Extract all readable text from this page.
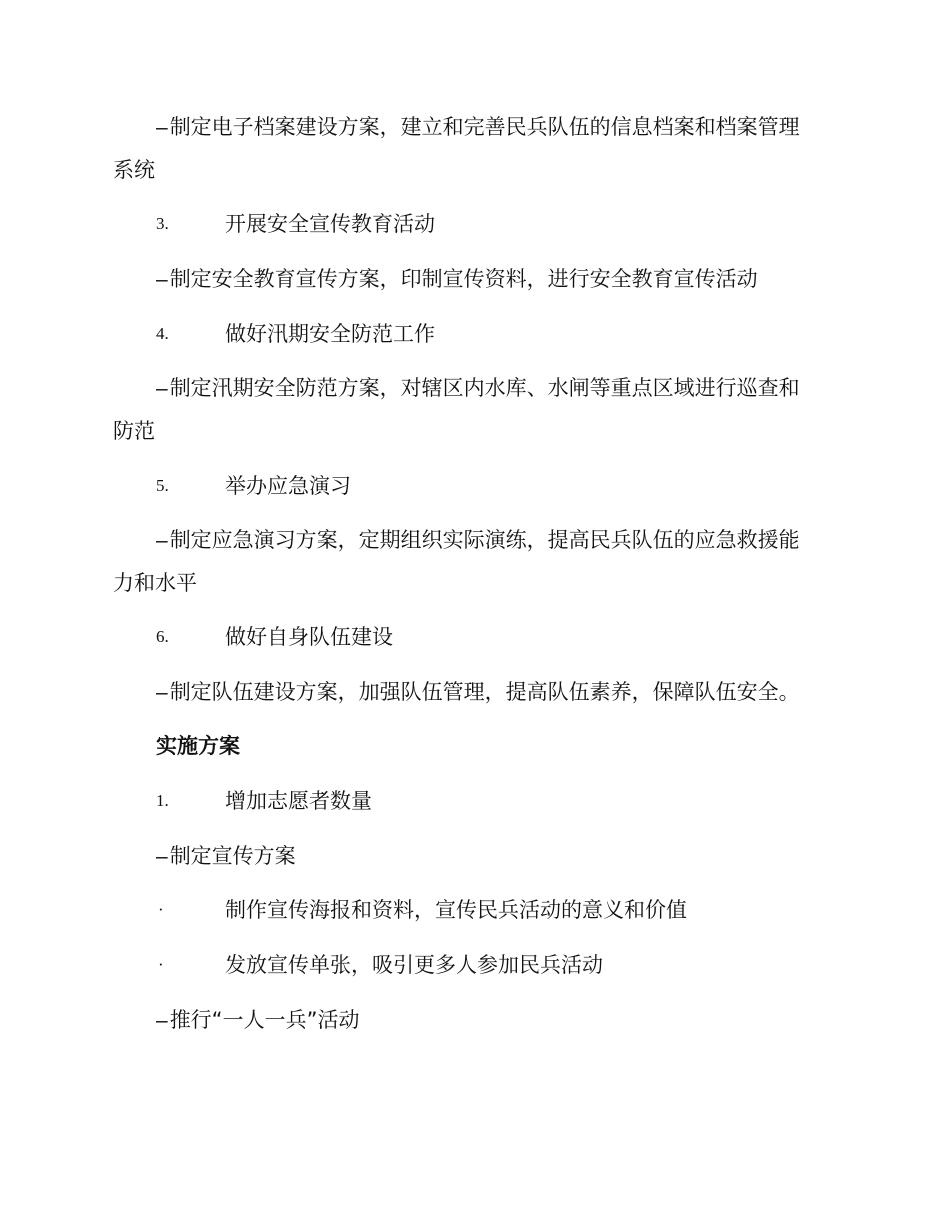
–制定电子档案建设方案，建立和完善民兵队伍的信息档案和档案管理
系统
3.	开展安全宣传教育活动
–制定安全教育宣传方案，印制宣传资料，进行安全教育宣传活动
4.	做好汛期安全防范工作
–制定汛期安全防范方案，对辖区内水库、水闸等重点区域进行巡查和
防范
5.	举办应急演习
–制定应急演习方案，定期组织实际演练，提高民兵队伍的应急救援能
力和水平
6.	做好自身队伍建设
–制定队伍建设方案，加强队伍管理，提高队伍素养，保障队伍安全。
实施方案
1.	增加志愿者数量
–制定宣传方案
·	制作宣传海报和资料，宣传民兵活动的意义和价值
·	发放宣传单张，吸引更多人参加民兵活动
–推行“一人一兵”活动
